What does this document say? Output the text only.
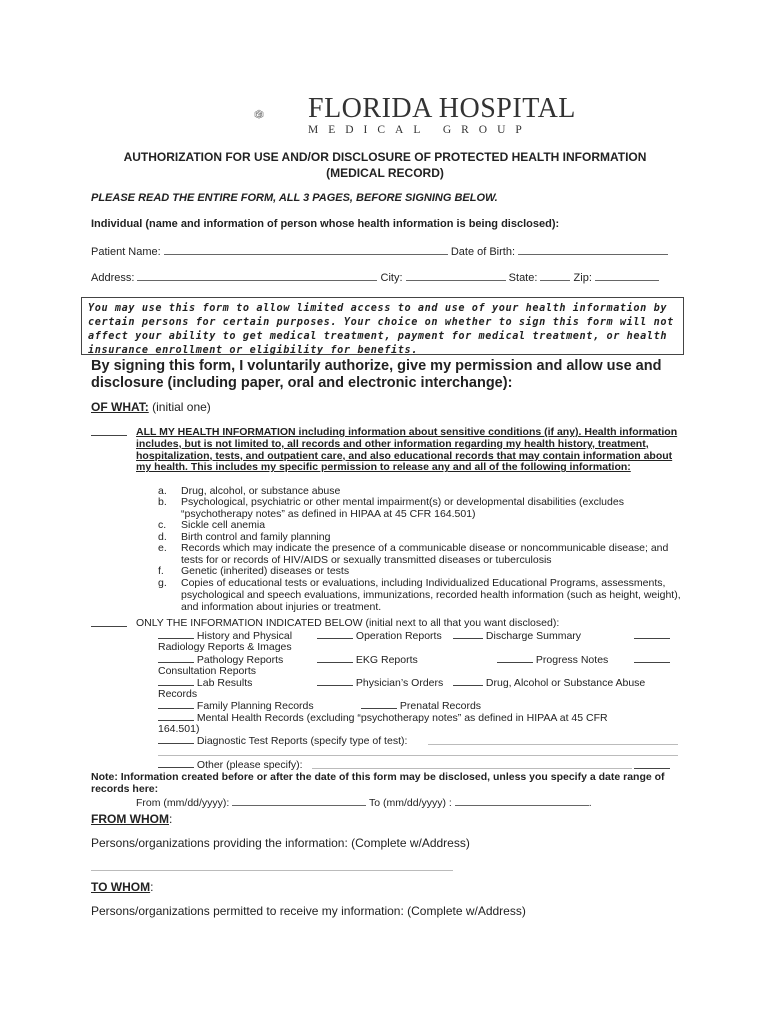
FLORIDA HOSPITAL
MEDICAL GROUP
AUTHORIZATION FOR USE AND/OR DISCLOSURE OF PROTECTED HEALTH INFORMATION
(MEDICAL RECORD)
PLEASE READ THE ENTIRE FORM, ALL 3 PAGES, BEFORE SIGNING BELOW.
Individual (name and information of person whose health information is being disclosed):
Patient Name:	Date of Birth:
Address:	City:	State:	Zip:
You may use this form to allow limited access to and use of your health information by certain persons for certain purposes. Your choice on whether to sign this form will not affect your ability to get medical treatment, payment for medical treatment, or health insurance enrollment or eligibility for benefits.
By signing this form, I voluntarily authorize, give my permission and allow use and disclosure (including paper, oral and electronic interchange):
OF WHAT: (initial one)
ALL MY HEALTH INFORMATION including information about sensitive conditions (if any). Health information includes, but is not limited to, all records and other information regarding my health history, treatment, hospitalization, tests, and outpatient care, and also educational records that may contain information about my health. This includes my specific permission to release any and all of the following information:
a. Drug, alcohol, or substance abuse
b. Psychological, psychiatric or other mental impairment(s) or developmental disabilities (excludes “psychotherapy notes” as defined in HIPAA at 45 CFR 164.501)
c. Sickle cell anemia
d. Birth control and family planning
e. Records which may indicate the presence of a communicable disease or noncommunicable disease; and tests for or records of HIV/AIDS or sexually transmitted diseases or tuberculosis
f. Genetic (inherited) diseases or tests
g. Copies of educational tests or evaluations, including Individualized Educational Programs, assessments, psychological and speech evaluations, immunizations, recorded health information (such as height, weight), and information about injuries or treatment.
ONLY THE INFORMATION INDICATED BELOW (initial next to all that you want disclosed):
History and Physical	Operation Reports	Discharge Summary
Radiology Reports & Images
Pathology Reports	EKG Reports	Progress Notes
Consultation Reports
Lab Results	Physician’s Orders	Drug, Alcohol or Substance Abuse
Records
Family Planning Records	Prenatal Records
Mental Health Records (excluding “psychotherapy notes” as defined in HIPAA at 45 CFR
164.501)
Diagnostic Test Reports (specify type of test):
Other (please specify):
Note: Information created before or after the date of this form may be disclosed, unless you specify a date range of records here:
From (mm/dd/yyyy):	To (mm/dd/yyyy) :	.
FROM WHOM:
Persons/organizations providing the information: (Complete w/Address)
TO WHOM:
Persons/organizations permitted to receive my information: (Complete w/Address)
